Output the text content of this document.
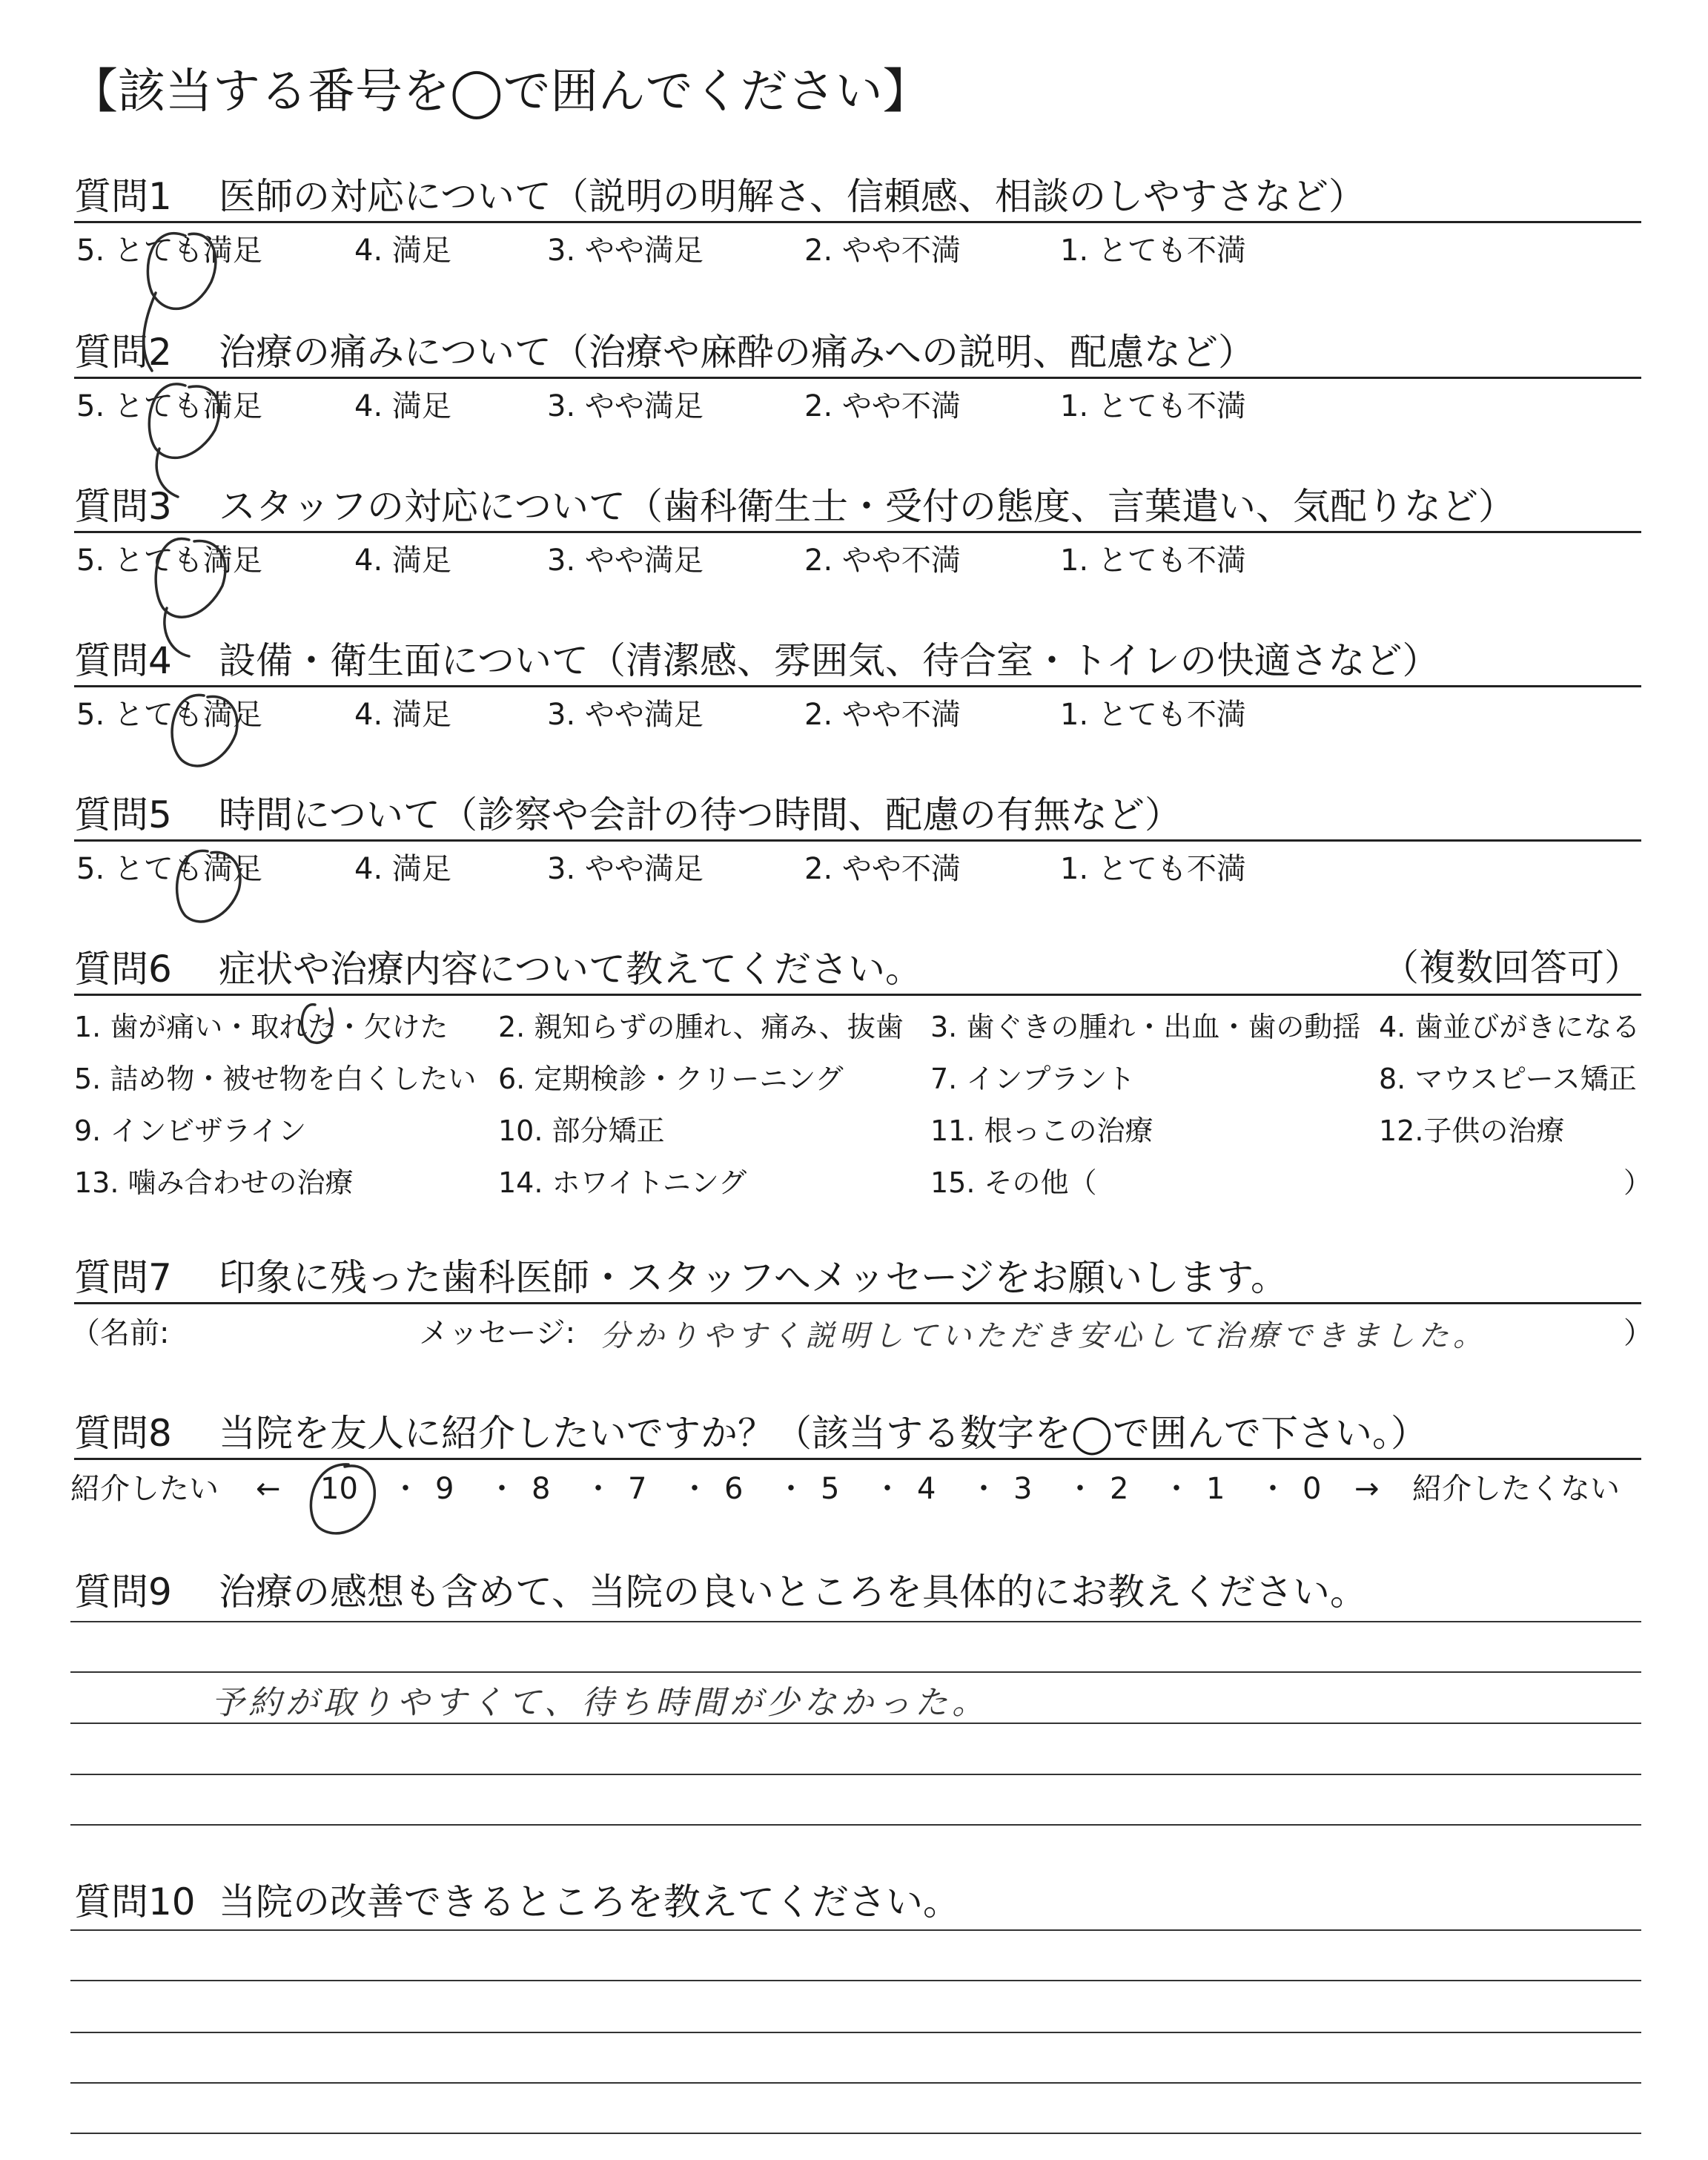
【該当する番号を◯で囲んでください】
質問1 医師の対応について（説明の明解さ、信頼感、相談のしやすさなど）
5. とても満足	4. 満足	3. やや満足	2. やや不満	1. とても不満
質問2 治療の痛みについて（治療や麻酔の痛みへの説明、配慮など）
5. とても満足	4. 満足	3. やや満足	2. やや不満	1. とても不満
質問3 スタッフの対応について（歯科衛生士・受付の態度、言葉遣い、気配りなど）
5. とても満足	4. 満足	3. やや満足	2. やや不満	1. とても不満
質問4 設備・衛生面について（清潔感、雰囲気、待合室・トイレの快適さなど）
5. とても満足	4. 満足	3. やや満足	2. やや不満	1. とても不満
質問5 時間について（診察や会計の待つ時間、配慮の有無など）
5. とても満足	4. 満足	3. やや満足	2. やや不満	1. とても不満
質問6 症状や治療内容について教えてください。	（複数回答可）
1. 歯が痛い・取れた・欠けた 2. 親知らずの腫れ、痛み、抜歯 3. 歯ぐきの腫れ・出血・歯の動揺 4. 歯並びがきになる
5. 詰め物・被せ物を白くしたい 6. 定期検診・クリーニング	7. インプラント	8. マウスピース矯正
9. インビザライン	10. 部分矯正	11. 根っこの治療	12.子供の治療
13. 噛み合わせの治療	14. ホワイトニング	15. その他（	）
質問7 印象に残った歯科医師・スタッフへメッセージをお願いします。
（名前:	メッセージ: 分かりやすく説明していただき安心して治療できました。	）
質問8 当院を友人に紹介したいですか？（該当する数字を◯で囲んで下さい。）
紹介したい ← 10 ・ 9 ・ 8 ・ 7 ・ 6 ・ 5 ・ 4 ・ 3 ・ 2 ・ 1 ・ 0 → 紹介したくない
質問9 治療の感想も含めて、当院の良いところを具体的にお教えください。
予約が取りやすくて、待ち時間が少なかった。
質問10 当院の改善できるところを教えてください。
